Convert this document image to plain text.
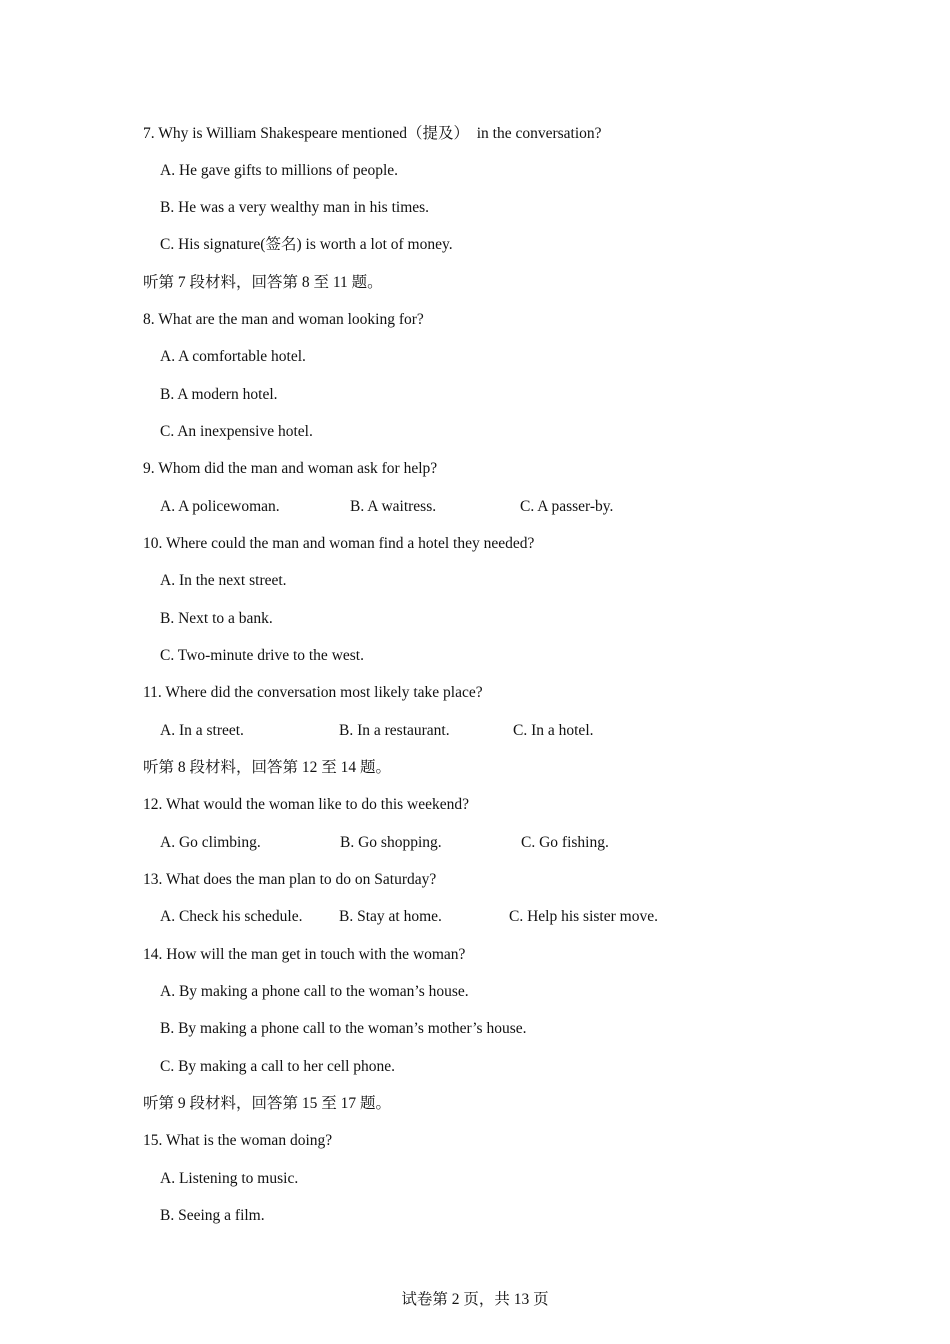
7. Why is William Shakespeare mentioned（提及）  in the conversation?
A. He gave gifts to millions of people.
B. He was a very wealthy man in his times.
C. His signature(签名) is worth a lot of money.
听第 7 段材料，回答第 8 至 11 题。
8. What are the man and woman looking for?
A. A comfortable hotel.
B. A modern hotel.
C. An inexpensive hotel.
9. Whom did the man and woman ask for help?
A. A policewoman.	B. A waitress.	C. A passer-by.
10. Where could the man and woman find a hotel they needed?
A. In the next street.
B. Next to a bank.
C. Two-minute drive to the west.
11. Where did the conversation most likely take place?
A. In a street.	B. In a restaurant.	C. In a hotel.
听第 8 段材料，回答第 12 至 14 题。
12. What would the woman like to do this weekend?
A. Go climbing.	B. Go shopping.	C. Go fishing.
13. What does the man plan to do on Saturday?
A. Check his schedule. B. Stay at home.	C. Help his sister move.
14. How will the man get in touch with the woman?
A. By making a phone call to the woman’s house.
B. By making a phone call to the woman’s mother’s house.
C. By making a call to her cell phone.
听第 9 段材料，回答第 15 至 17 题。
15. What is the woman doing?
A. Listening to music.
B. Seeing a film.
试卷第 2 页，共 13 页
